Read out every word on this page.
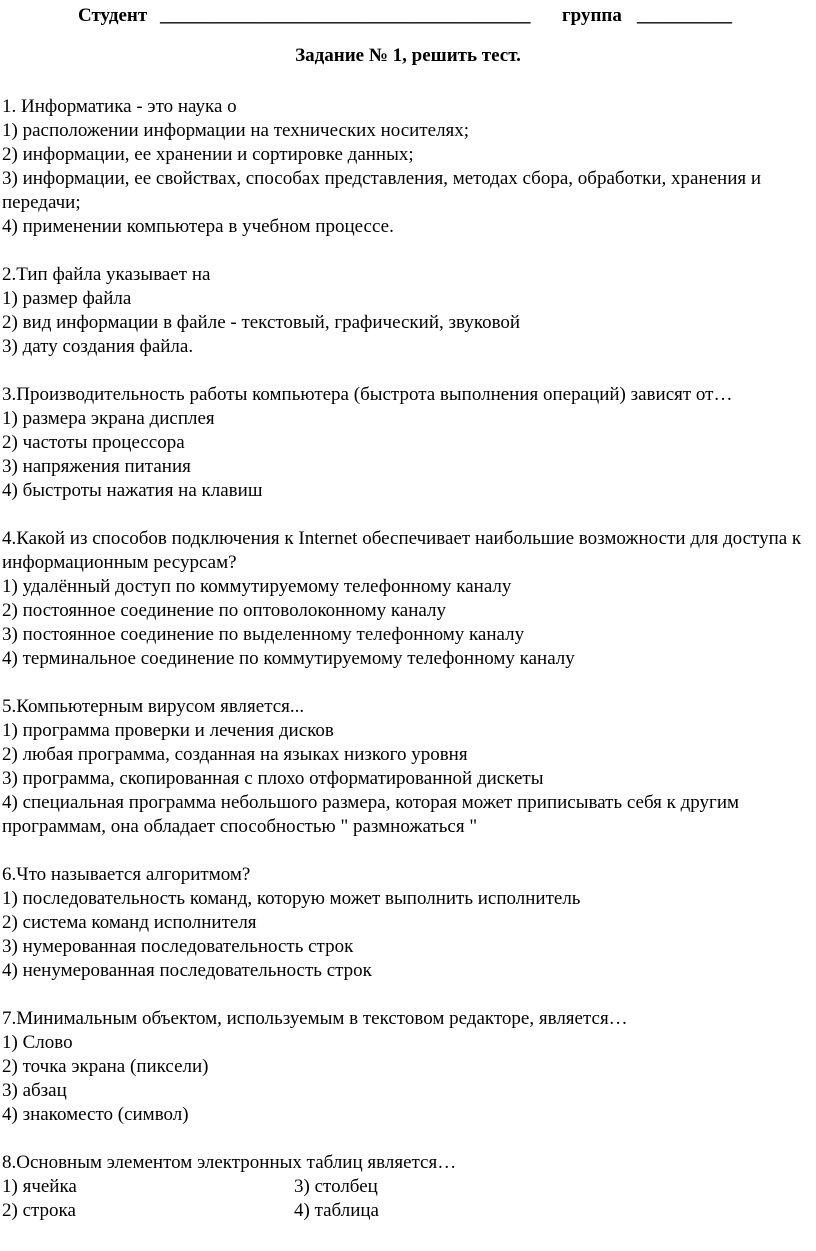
Студент _______________________________________ группа __________
Задание № 1, решить тест.
1. Информатика - это наука о
1) расположении информации на технических носителях;
2) информации, ее хранении и сортировке данных;
3) информации, ее свойствах, способах представления, методах сбора, обработки, хранения и передачи;
4) применении компьютера в учебном процессе.
2.Тип файла указывает на
1) размер файла
2) вид информации в файле - текстовый, графический, звуковой
3) дату создания файла.
3.Производительность работы компьютера (быстрота выполнения операций) зависят от…
1) размера экрана дисплея
2) частоты процессора
3) напряжения питания
4) быстроты нажатия на клавиш
4.Какой из способов подключения к Internet обеспечивает наибольшие возможности для доступа к информационным ресурсам?
1) удалённый доступ по коммутируемому телефонному каналу
2) постоянное соединение по оптоволоконному каналу
3) постоянное соединение по выделенному телефонному каналу
4) терминальное соединение по коммутируемому телефонному каналу
5.Компьютерным вирусом является...
1) программа проверки и лечения дисков
2) любая программа, созданная на языках низкого уровня
3) программа, скопированная с плохо отформатированной дискеты
4) специальная программа небольшого размера, которая может приписывать себя к другим программам, она обладает способностью " размножаться "
6.Что называется алгоритмом?
1) последовательность команд, которую может выполнить исполнитель
2) система команд исполнителя
3) нумерованная последовательность строк
4) ненумерованная последовательность строк
7.Минимальным объектом, используемым в текстовом редакторе, является…
1) Слово
2) точка экрана (пиксели)
3) абзац
4) знакоместо (символ)
8.Основным элементом электронных таблиц является…
1) ячейка	3) столбец
2) строка	4) таблица
